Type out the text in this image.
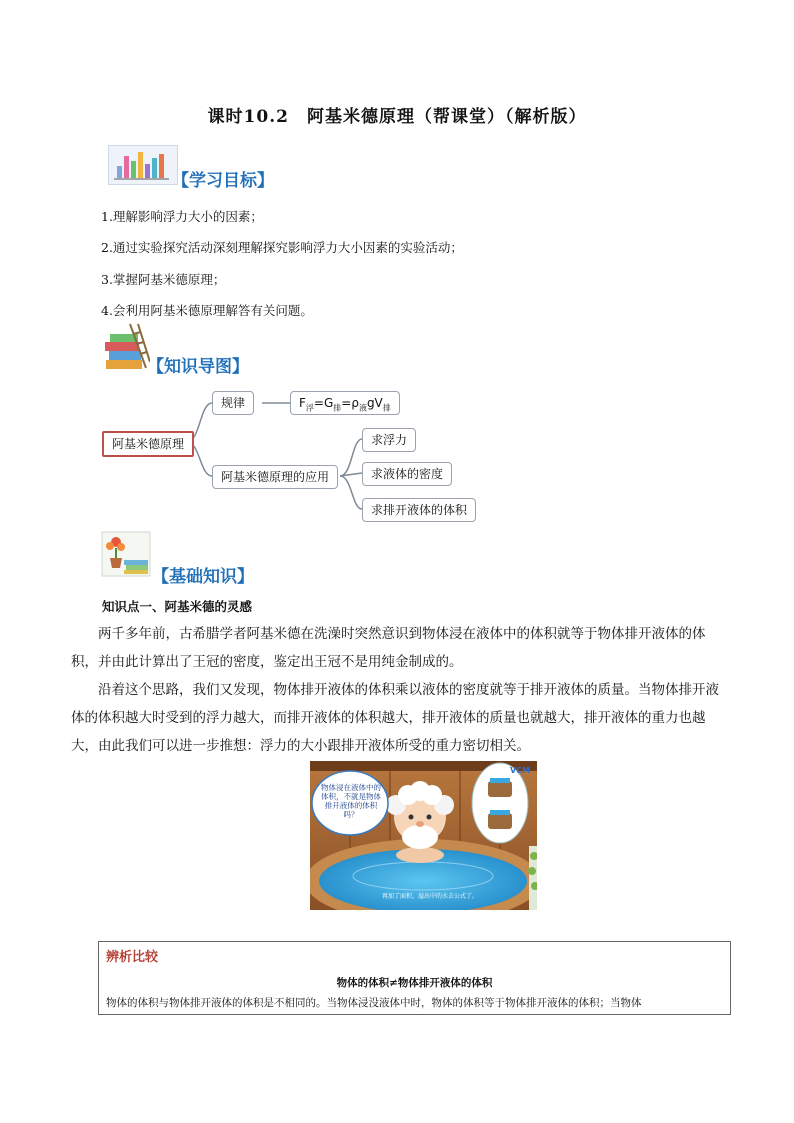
课时10.2　阿基米德原理（帮课堂）（解析版）
【学习目标】
1.理解影响浮力大小的因素；
2.通过实验探究活动深刻理解探究影响浮力大小因素的实验活动；
3.掌握阿基米德原理；
4.会利用阿基米德原理解答有关问题。
【知识导图】
阿基米德原理
规律	$F_浮=G_排=\rho_液gV_排$
阿基米德原理的应用
求浮力
求液体的密度
求排开液体的体积
【基础知识】
知识点一、阿基米德的灵感
两千多年前，古希腊学者阿基米德在洗澡时突然意识到物体浸在液体中的体积就等于物体排开液体的体积，并由此计算出了王冠的密度，鉴定出王冠不是用纯金制成的。
沿着这个思路，我们又发现，物体排开液体的体积乘以液体的密度就等于排开液体的质量。当物体排开液体的体积越大时受到的浮力越大，而排开液体的体积越大，排开液体的质量也就越大，排开液体的重力也越大，由此我们可以进一步推想：浮力的大小跟排开液体所受的重力密切相关。
物体浸在液体中的体积，不就是物体排开液体的体积吗？
VCM
再加了面积，溢出中的水去公式了。
辨析比较
物体的体积≠物体排开液体的体积
物体的体积与物体排开液体的体积是不相同的。当物体浸没液体中时，物体的体积等于物体排开液体的体积；当物体
